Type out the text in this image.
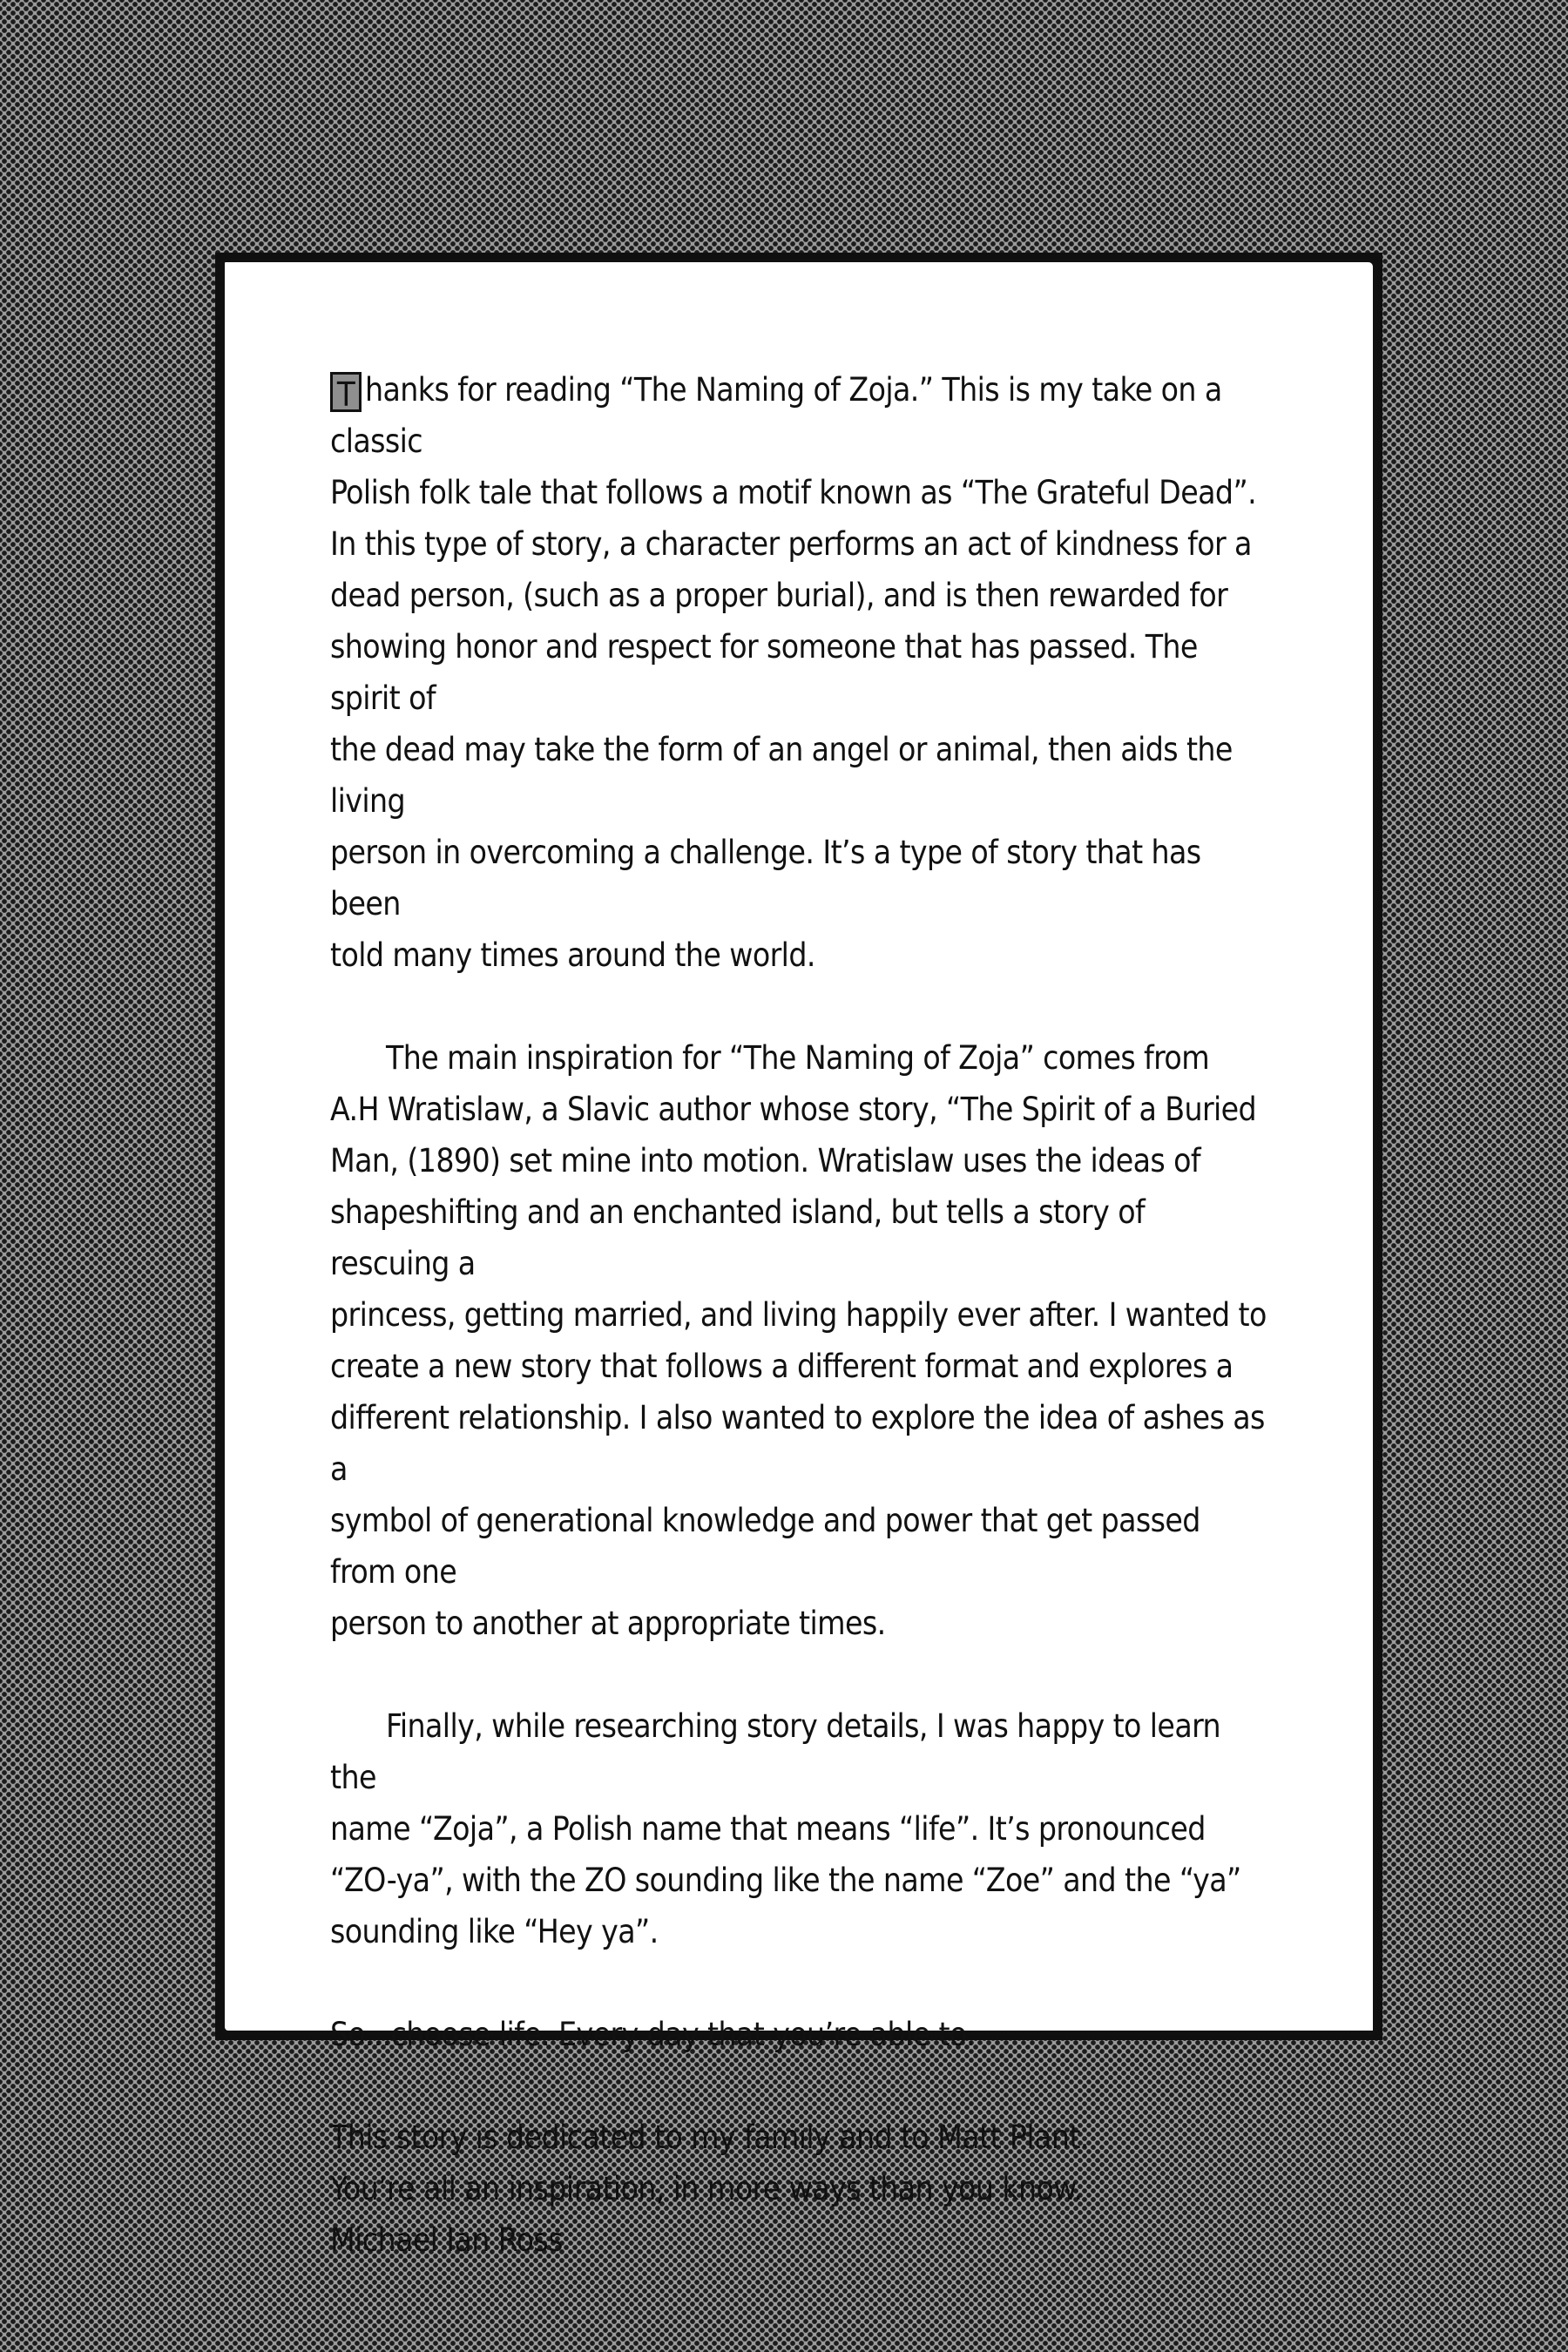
T hanks for reading “The Naming of Zoja.” This is my take on a classic
Polish folk tale that follows a motif known as “The Grateful Dead”.
In this type of story, a character performs an act of kindness for a
dead person, (such as a proper burial), and is then rewarded for
showing honor and respect for someone that has passed. The spirit of
the dead may take the form of an angel or animal, then aids the living
person in overcoming a challenge. It’s a type of story that has been
told many times around the world.

The main inspiration for “The Naming of Zoja” comes from
A.H Wratislaw, a Slavic author whose story, “The Spirit of a Buried
Man, (1890) set mine into motion. Wratislaw uses the ideas of
shapeshifting and an enchanted island, but tells a story of rescuing a
princess, getting married, and living happily ever after. I wanted to
create a new story that follows a different format and explores a
different relationship. I also wanted to explore the idea of ashes as a
symbol of generational knowledge and power that get passed from one
person to another at appropriate times.

Finally, while researching story details, I was happy to learn the
name “Zoja”, a Polish name that means “life”. It’s pronounced
“ZO-ya”, with the ZO sounding like the name “Zoe” and the “ya”
sounding like “Hey ya”.

So...choose life. Every day that you’re able to.

This story is dedicated to my family and to Matt Plant.
You’re all an inspiration, in more ways than you know.

Michael Ian Ross
